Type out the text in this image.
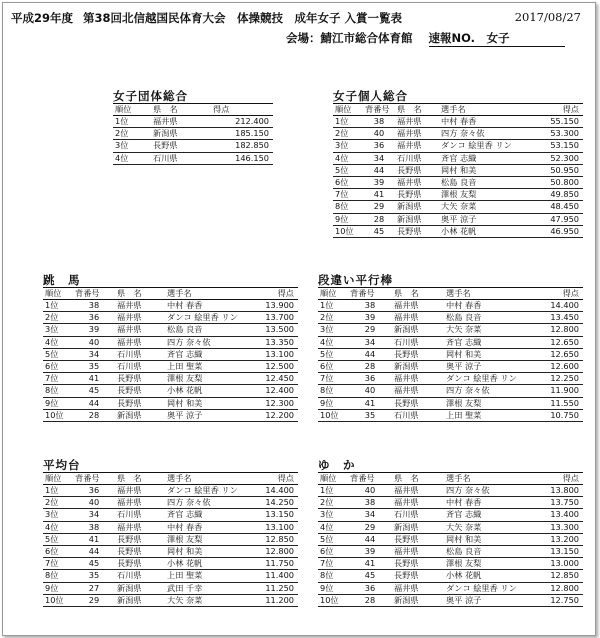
平成29年度 第38回北信越国民体育大会　体操競技　成年女子 入賞一覧表	2017/08/27
会場：鯖江市総合体育館 速報NO.　女子
女子団体総合
順位	県　名	得点
1位	福井県	212.400
2位	新潟県	185.150
3位	長野県	182.850
4位	石川県	146.150
女子個人総合
順位	背番号	県　名	選手名	得点
1位	38	福井県	中村 春香	55.150
2位	40	福井県	四方 奈々依	53.300
3位	36	福井県	ダンコ 絵里香 リン	53.150
4位	34	石川県	斉官 志織	52.300
5位	44	長野県	岡村 和美	50.950
6位	39	福井県	松島 良音	50.800
7位	41	長野県	澤根 友梨	49.850
8位	29	新潟県	大矢 奈菜	48.450
9位	28	新潟県	奥平 涼子	47.950
10位	45	長野県	小林 花帆	46.950
跳　馬
順位	背番号	県　名	選手名	得点
1位	38	福井県	中村 春香	13.900
2位	36	福井県	ダンコ 絵里香 リン	13.700
3位	39	福井県	松島 良音	13.500
4位	40	福井県	四方 奈々依	13.350
5位	34	石川県	斉官 志織	13.100
6位	35	石川県	上田 聖菜	12.500
7位	41	長野県	澤根 友梨	12.450
8位	45	長野県	小林 花帆	12.400
9位	44	長野県	岡村 和美	12.300
10位	28	新潟県	奥平 涼子	12.200
段違い平行棒
順位	背番号	県　名	選手名	得点
1位	38	福井県	中村 春香	14.400
2位	39	福井県	松島 良音	13.450
3位	29	新潟県	大矢 奈菜	12.800
4位	34	石川県	斉官 志織	12.650
5位	44	長野県	岡村 和美	12.650
6位	28	新潟県	奥平 涼子	12.600
7位	36	福井県	ダンコ 絵里香 リン	12.250
8位	40	福井県	四方 奈々依	11.900
9位	41	長野県	澤根 友梨	11.550
10位	35	石川県	上田 聖菜	10.750
平均台
順位	背番号	県　名	選手名	得点
1位	36	福井県	ダンコ 絵里香 リン	14.400
2位	40	福井県	四方 奈々依	14.250
3位	34	石川県	斉官 志織	13.150
4位	38	福井県	中村 春香	13.100
5位	41	長野県	澤根 友梨	12.850
6位	44	長野県	岡村 和美	12.800
7位	45	長野県	小林 花帆	11.750
8位	35	石川県	上田 聖菜	11.400
9位	27	新潟県	武田 千幸	11.250
10位	29	新潟県	大矢 奈菜	11.200
ゆ　か
順位	背番号	県　名	選手名	得点
1位	40	福井県	四方 奈々依	13.800
2位	38	福井県	中村 春香	13.750
3位	34	石川県	斉官 志織	13.400
4位	29	新潟県	大矢 奈菜	13.300
5位	44	長野県	岡村 和美	13.200
6位	39	福井県	松島 良音	13.150
7位	41	長野県	澤根 友梨	13.000
8位	45	長野県	小林 花帆	12.850
9位	36	福井県	ダンコ 絵里香 リン	12.800
10位	28	新潟県	奥平 涼子	12.750
